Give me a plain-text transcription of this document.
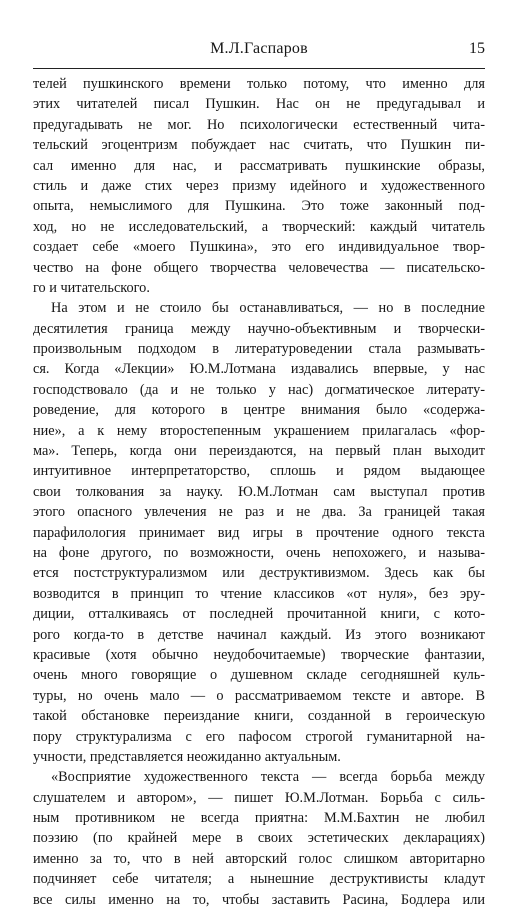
М.Л.Гаспаров	15
телей пушкинского времени только потому, что именно для
этих читателей писал Пушкин. Нас он не предугадывал и
предугадывать не мог. Но психологически естественный чита-
тельский эгоцентризм побуждает нас считать, что Пушкин пи-
сал именно для нас, и рассматривать пушкинские образы,
стиль и даже стих через призму идейного и художественного
опыта, немыслимого для Пушкина. Это тоже законный под-
ход, но не исследовательский, а творческий: каждый читатель
создает себе «моего Пушкина», это его индивидуальное твор-
чество на фоне общего творчества человечества — писательско-
го и читательского.
На этом и не стоило бы останавливаться, — но в последние
десятилетия граница между научно-объективным и творчески-
произвольным подходом в литературоведении стала размывать-
ся. Когда «Лекции» Ю.М.Лотмана издавались впервые, у нас
господствовало (да и не только у нас) догматическое литерату-
роведение, для которого в центре внимания было «содержа-
ние», а к нему второстепенным украшением прилагалась «фор-
ма». Теперь, когда они переиздаются, на первый план выходит
интуитивное интерпретаторство, сплошь и рядом выдающее
свои толкования за науку. Ю.М.Лотман сам выступал против
этого опасного увлечения не раз и не два. За границей такая
парафилология принимает вид игры в прочтение одного текста
на фоне другого, по возможности, очень непохожего, и называ-
ется постструктурализмом или деструктивизмом. Здесь как бы
возводится в принцип то чтение классиков «от нуля», без эру-
диции, отталкиваясь от последней прочитанной книги, с кото-
рого когда-то в детстве начинал каждый. Из этого возникают
красивые (хотя обычно неудобочитаемые) творческие фантазии,
очень много говорящие о душевном складе сегодняшней куль-
туры, но очень мало — о рассматриваемом тексте и авторе. В
такой обстановке переиздание книги, созданной в героическую
пору структурализма с его пафосом строгой гуманитарной на-
учности, представляется неожиданно актуальным.
«Восприятие художественного текста — всегда борьба между
слушателем и автором», — пишет Ю.М.Лотман. Борьба с силь-
ным противником не всегда приятна: М.М.Бахтин не любил
поэзию (по крайней мере в своих эстетических декларациях)
именно за то, что в ней авторский голос слишком авторитарно
подчиняет себе читателя; а нынешние деструктивисты кладут
все силы именно на то, чтобы заставить Расина, Бодлера или
